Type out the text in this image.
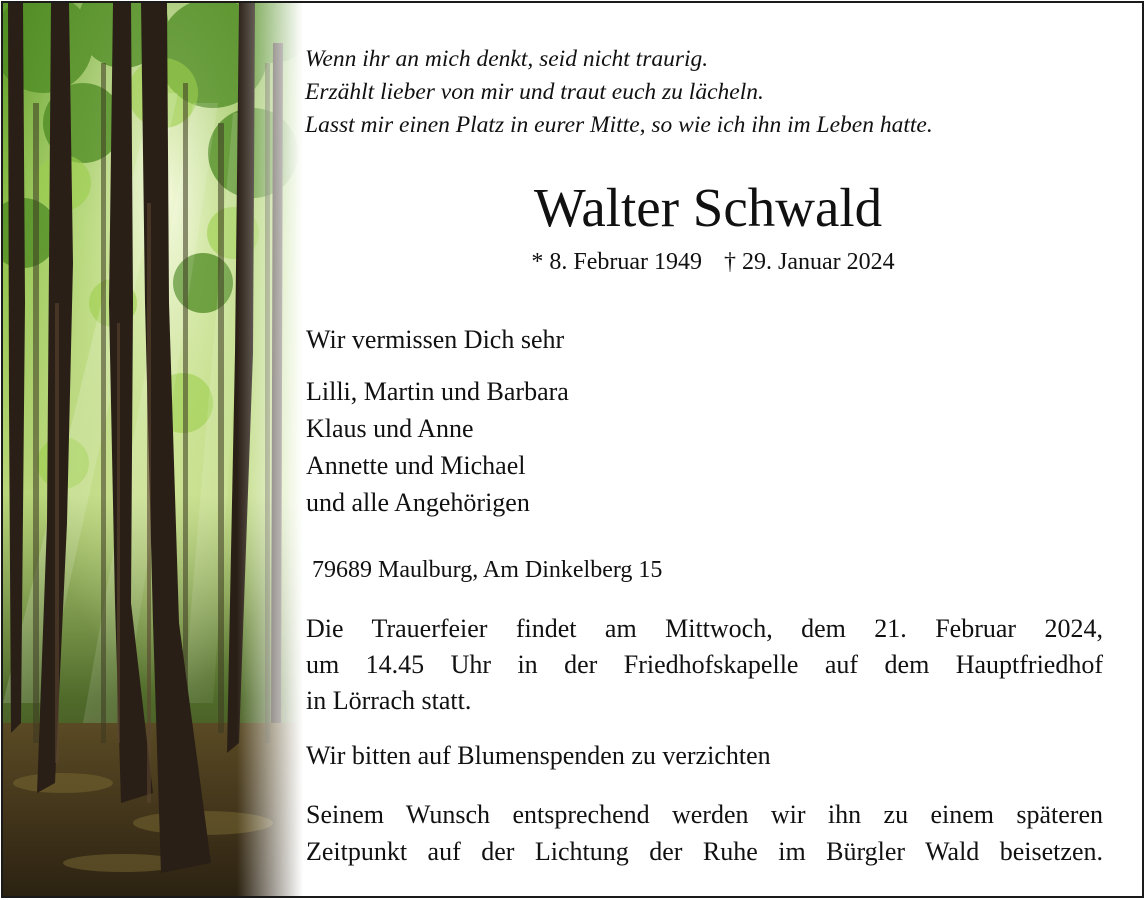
Wenn ihr an mich denkt, seid nicht traurig.
Erzählt lieber von mir und traut euch zu lächeln.
Lasst mir einen Platz in eurer Mitte, so wie ich ihn im Leben hatte.
Walter Schwald
* 8. Februar 1949 † 29. Januar 2024
Wir vermissen Dich sehr
Lilli, Martin und Barbara
Klaus und Anne
Annette und Michael
und alle Angehörigen
79689 Maulburg, Am Dinkelberg 15
Die Trauerfeier findet am Mittwoch, dem 21. Februar 2024,
um 14.45 Uhr in der Friedhofskapelle auf dem Hauptfriedhof
in Lörrach statt.
Wir bitten auf Blumenspenden zu verzichten
Seinem Wunsch entsprechend werden wir ihn zu einem späteren
Zeitpunkt auf der Lichtung der Ruhe im Bürgler Wald beisetzen.
